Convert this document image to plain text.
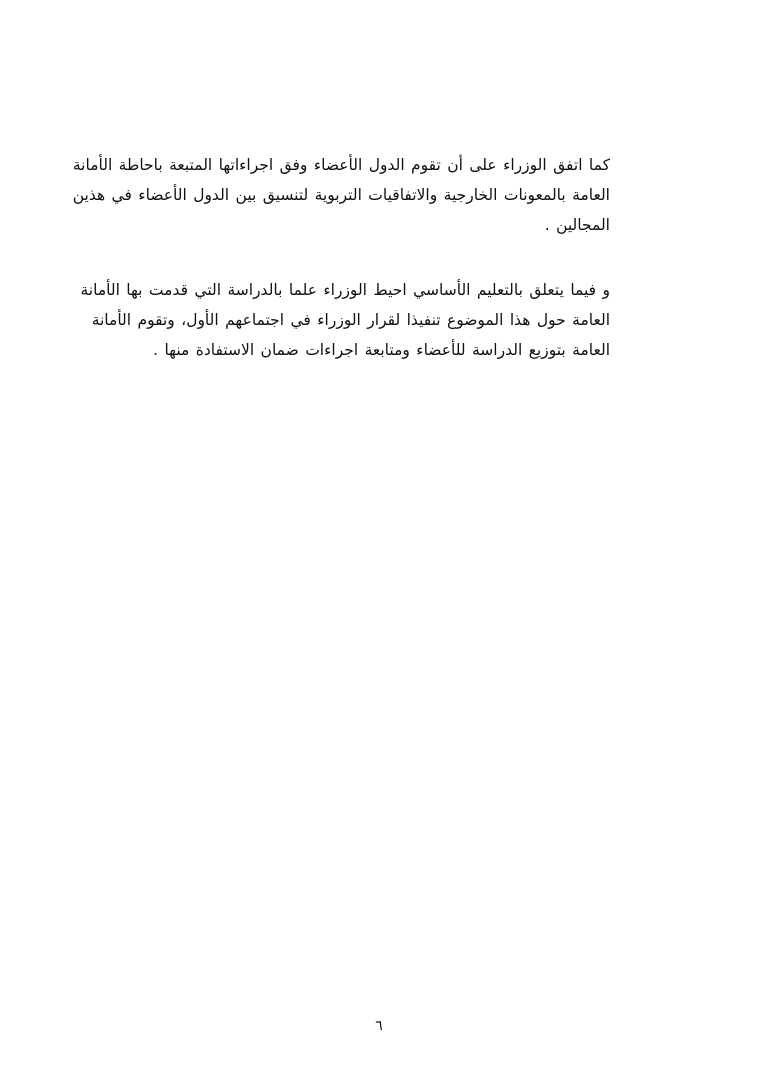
كما اتفق الوزراء على أن تقوم الدول الأعضاء وفق اجراءاتها المتبعة باحاطة الأمانة
العامة بالمعونات الخارجية والاتفاقيات التربوية لتنسيق بين الدول الأعضاء في هذين
المجالين .

و فيما يتعلق بالتعليم الأساسي احيط الوزراء علما بالدراسة التي قدمت بها الأمانة
العامة حول هذا الموضوع تنفيذا لقرار الوزراء في اجتماعهم الأول، وتقوم الأمانة
العامة بتوزيع الدراسة للأعضاء ومتابعة اجراءات ضمان الاستفادة منها .

٦
